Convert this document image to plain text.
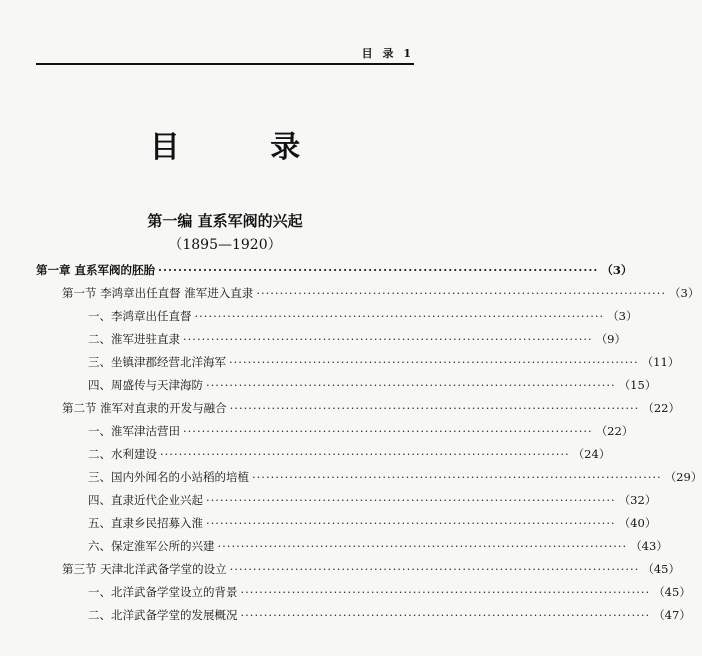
目 录 1
目 录
第一编 直系军阀的兴起
（1895—1920）
第一章 直系军阀的胚胎 ························································································ （3）
第一节 李鸿章出任直督 淮军进入直隶 ························································································ （3）
一、李鸿章出任直督 ························································································ （3）
二、淮军进驻直隶 ························································································ （9）
三、坐镇津郡经营北洋海军 ························································································ （11）
四、周盛传与天津海防 ························································································ （15）
第二节 淮军对直隶的开发与融合 ························································································ （22）
一、淮军津沽营田 ························································································ （22）
二、水利建设 ························································································ （24）
三、国内外闻名的小站稻的培植 ························································································ （29）
四、直隶近代企业兴起 ························································································ （32）
五、直隶乡民招募入淮 ························································································ （40）
六、保定淮军公所的兴建 ························································································ （43）
第三节 天津北洋武备学堂的设立 ························································································ （45）
一、北洋武备学堂设立的背景 ························································································ （45）
二、北洋武备学堂的发展概况 ························································································ （47）
